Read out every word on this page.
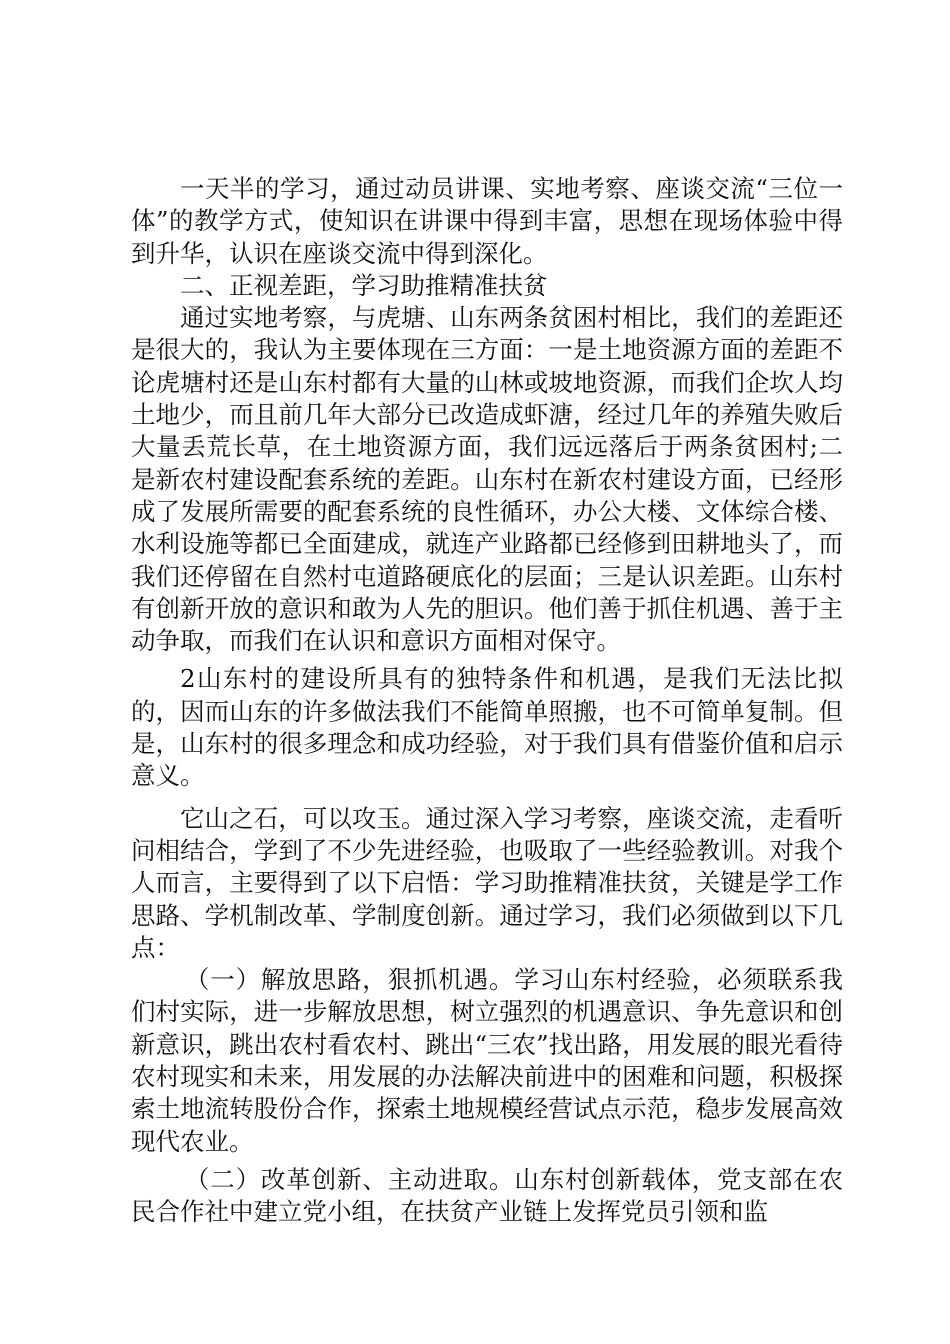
一天半的学习，通过动员讲课、实地考察、座谈交流“三位一体”的教学方式，使知识在讲课中得到丰富，思想在现场体验中得到升华，认识在座谈交流中得到深化。

二、正视差距，学习助推精准扶贫

通过实地考察，与虎塘、山东两条贫困村相比，我们的差距还是很大的，我认为主要体现在三方面：一是土地资源方面的差距不论虎塘村还是山东村都有大量的山林或坡地资源，而我们企坎人均土地少，而且前几年大部分已改造成虾溏，经过几年的养殖失败后大量丢荒长草，在土地资源方面，我们远远落后于两条贫困村;二是新农村建设配套系统的差距。山东村在新农村建设方面，已经形成了发展所需要的配套系统的良性循环，办公大楼、文体综合楼、水利设施等都已全面建成，就连产业路都已经修到田耕地头了，而我们还停留在自然村屯道路硬底化的层面；三是认识差距。山东村有创新开放的意识和敢为人先的胆识。他们善于抓住机遇、善于主动争取，而我们在认识和意识方面相对保守。

2山东村的建设所具有的独特条件和机遇，是我们无法比拟的，因而山东的许多做法我们不能简单照搬，也不可简单复制。但是，山东村的很多理念和成功经验，对于我们具有借鉴价值和启示意义。

它山之石，可以攻玉。通过深入学习考察，座谈交流，走看听问相结合，学到了不少先进经验，也吸取了一些经验教训。对我个人而言，主要得到了以下启悟：学习助推精准扶贫，关键是学工作思路、学机制改革、学制度创新。通过学习，我们必须做到以下几点：

（一）解放思路，狠抓机遇。学习山东村经验，必须联系我们村实际，进一步解放思想，树立强烈的机遇意识、争先意识和创新意识，跳出农村看农村、跳出“三农”找出路，用发展的眼光看待农村现实和未来，用发展的办法解决前进中的困难和问题，积极探索土地流转股份合作，探索土地规模经营试点示范，稳步发展高效现代农业。

（二）改革创新、主动进取。山东村创新载体，党支部在农民合作社中建立党小组，在扶贫产业链上发挥党员引领和监
